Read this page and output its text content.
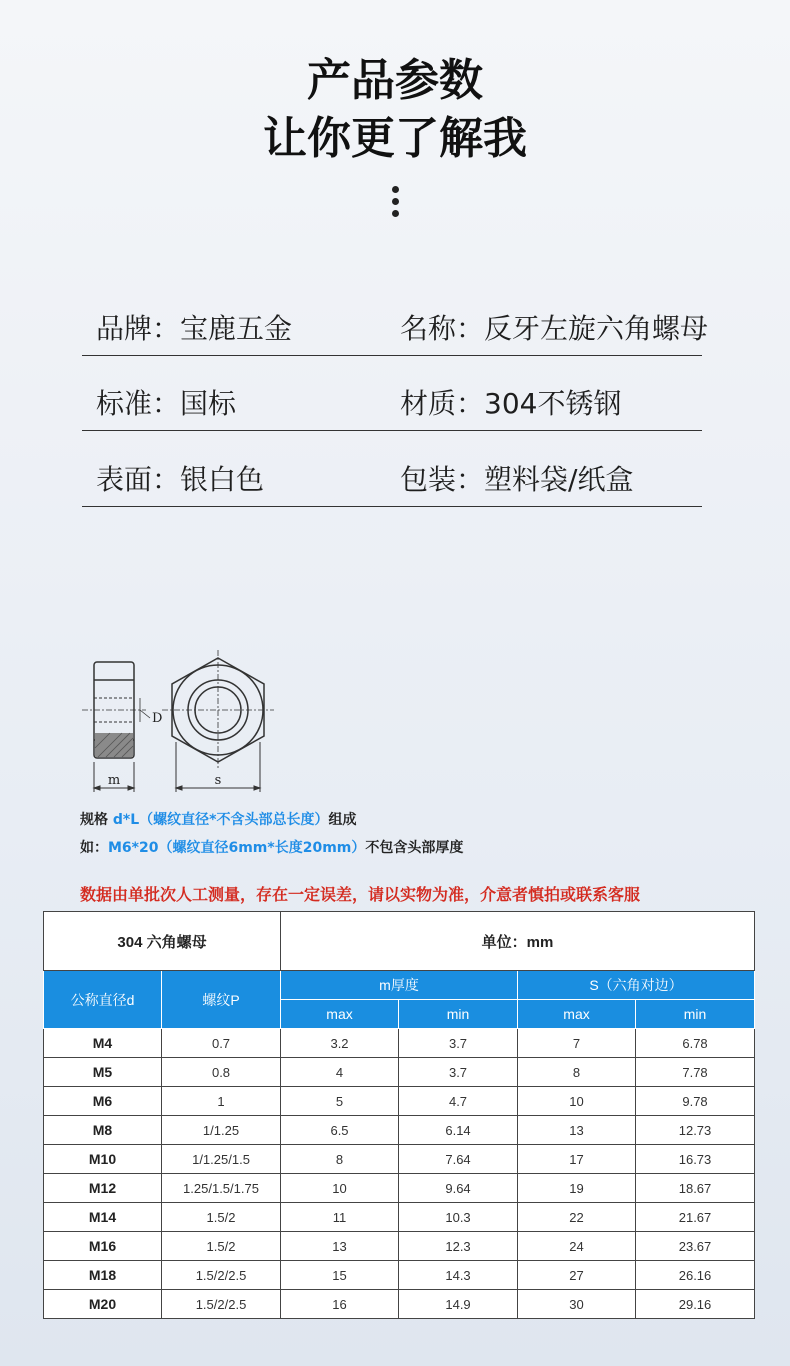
产品参数
让你更了解我
品牌：宝鹿五金	名称：反牙左旋六角螺母
标准：国标	材质：304不锈钢
表面：银白色	包装：塑料袋/纸盒
D
m	s
规格 d*L（螺纹直径*不含头部总长度）组成
如：M6*20（螺纹直径6mm*长度20mm）不包含头部厚度
数据由单批次人工测量，存在一定误差，请以实物为准，介意者慎拍或联系客服
304 六角螺母		单位：mm			
公称直径d	螺纹P	m厚度		S（六角对边）	
		max	min	max	min
M4	0.7	3.2	3.7	7	6.78
M5	0.8	4	3.7	8	7.78
M6	1	5	4.7	10	9.78
M8	1/1.25	6.5	6.14	13	12.73
M10	1/1.25/1.5	8	7.64	17	16.73
M12	1.25/1.5/1.75	10	9.64	19	18.67
M14	1.5/2	11	10.3	22	21.67
M16	1.5/2	13	12.3	24	23.67
M18	1.5/2/2.5	15	14.3	27	26.16
M20	1.5/2/2.5	16	14.9	30	29.16
